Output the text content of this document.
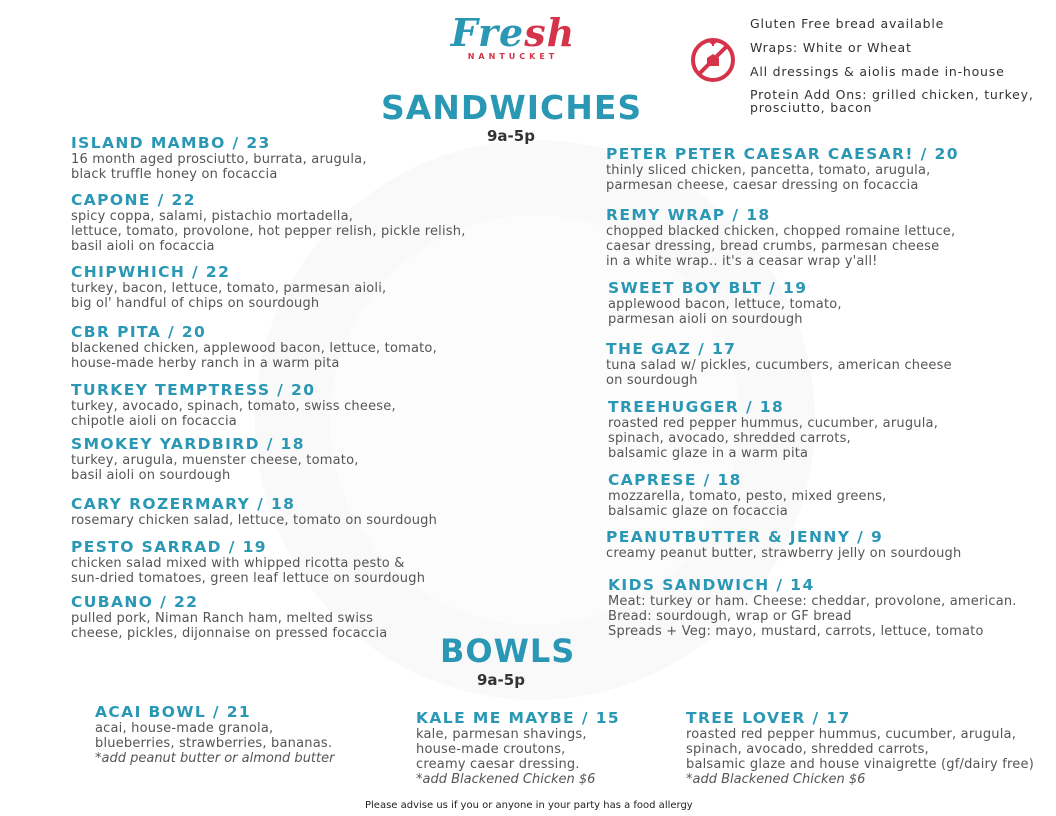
Fresh
NANTUCKET
SANDWICHES
9a-5p
Gluten Free bread available
Wraps: White or Wheat
All dressings & aiolis made in-house
Protein Add Ons: grilled chicken, turkey, prosciutto, bacon
ISLAND MAMBO / 23
16 month aged prosciutto, burrata, arugula,
black truffle honey on focaccia
CAPONE / 22
spicy coppa, salami, pistachio mortadella,
lettuce, tomato, provolone, hot pepper relish, pickle relish,
basil aioli on focaccia
CHIPWHICH / 22
turkey, bacon, lettuce, tomato, parmesan aioli,
big ol' handful of chips on sourdough
CBR PITA / 20
blackened chicken, applewood bacon, lettuce, tomato,
house-made herby ranch in a warm pita
TURKEY TEMPTRESS / 20
turkey, avocado, spinach, tomato, swiss cheese,
chipotle aioli on focaccia
SMOKEY YARDBIRD / 18
turkey, arugula, muenster cheese, tomato,
basil aioli on sourdough
CARY ROZERMARY / 18
rosemary chicken salad, lettuce, tomato on sourdough
PESTO SARRAD / 19
chicken salad mixed with whipped ricotta pesto &
sun-dried tomatoes, green leaf lettuce on sourdough
CUBANO / 22
pulled pork, Niman Ranch ham, melted swiss
cheese, pickles, dijonnaise on pressed focaccia
PETER PETER CAESAR CAESAR! / 20
thinly sliced chicken, pancetta, tomato, arugula,
parmesan cheese, caesar dressing on focaccia
REMY WRAP / 18
chopped blacked chicken, chopped romaine lettuce,
caesar dressing, bread crumbs, parmesan cheese
in a white wrap.. it's a ceasar wrap y'all!
SWEET BOY BLT / 19
applewood bacon, lettuce, tomato,
parmesan aioli on sourdough
THE GAZ / 17
tuna salad w/ pickles, cucumbers, american cheese
on sourdough
TREEHUGGER / 18
roasted red pepper hummus, cucumber, arugula,
spinach, avocado, shredded carrots,
balsamic glaze in a warm pita
CAPRESE / 18
mozzarella, tomato, pesto, mixed greens,
balsamic glaze on focaccia
PEANUTBUTTER & JENNY / 9
creamy peanut butter, strawberry jelly on sourdough
KIDS SANDWICH / 14
Meat: turkey or ham. Cheese: cheddar, provolone, american.
Bread: sourdough, wrap or GF bread
Spreads + Veg: mayo, mustard, carrots, lettuce, tomato
BOWLS
9a-5p
ACAI BOWL / 21
acai, house-made granola,
blueberries, strawberries, bananas.
*add peanut butter or almond butter
KALE ME MAYBE / 15
kale, parmesan shavings,
house-made croutons,
creamy caesar dressing.
*add Blackened Chicken $6
TREE LOVER / 17
roasted red pepper hummus, cucumber, arugula,
spinach, avocado, shredded carrots,
balsamic glaze and house vinaigrette (gf/dairy free)
*add Blackened Chicken $6
Please advise us if you or anyone in your party has a food allergy
